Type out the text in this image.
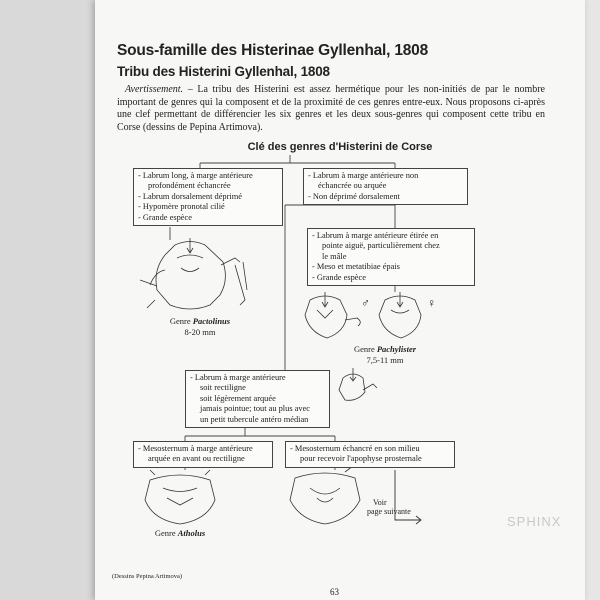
Sous-famille des Histerinae Gyllenhal, 1808
Tribu des Histerini Gyllenhal, 1808
Avertissement. – La tribu des Histerini est assez hermétique pour les non-initiés de par le nombre important de genres qui la composent et de la proximité de ces genres entre-eux. Nous proposons ci-après une clef permettant de différencier les six genres et les deux sous-genres qui composent cette tribu en Corse (dessins de Pepina Artimova).
Clé des genres d'Histerini de Corse
- Labrum long, à marge antérieure
profondément échancrée
- Labrum dorsalement déprimé
- Hypomère pronotal cilié
- Grande espèce
- Labrum à marge antérieure non
échancrée ou arquée
- Non déprimé dorsalement
- Labrum à marge antérieure étirée en
pointe aiguë, particulièrement chez
le mâle
- Meso et metatibiae épais
- Grande espèce
♂	♀
Genre Pactolinus
8-20 mm
Genre Pachylister
7,5-11 mm
- Labrum à marge antérieure
soit rectiligne
soit légèrement arquée
jamais pointue; tout au plus avec
un petit tubercule antéro médian
- Mesosternum à marge antérieure
arquée en avant ou rectiligne
- Mesosternum échancré en son milieu
pour recevoir l'apophyse prosternale
Genre Atholus
Voir
page suivante
SPHINX
(Dessins Pepina Artimova)
63
